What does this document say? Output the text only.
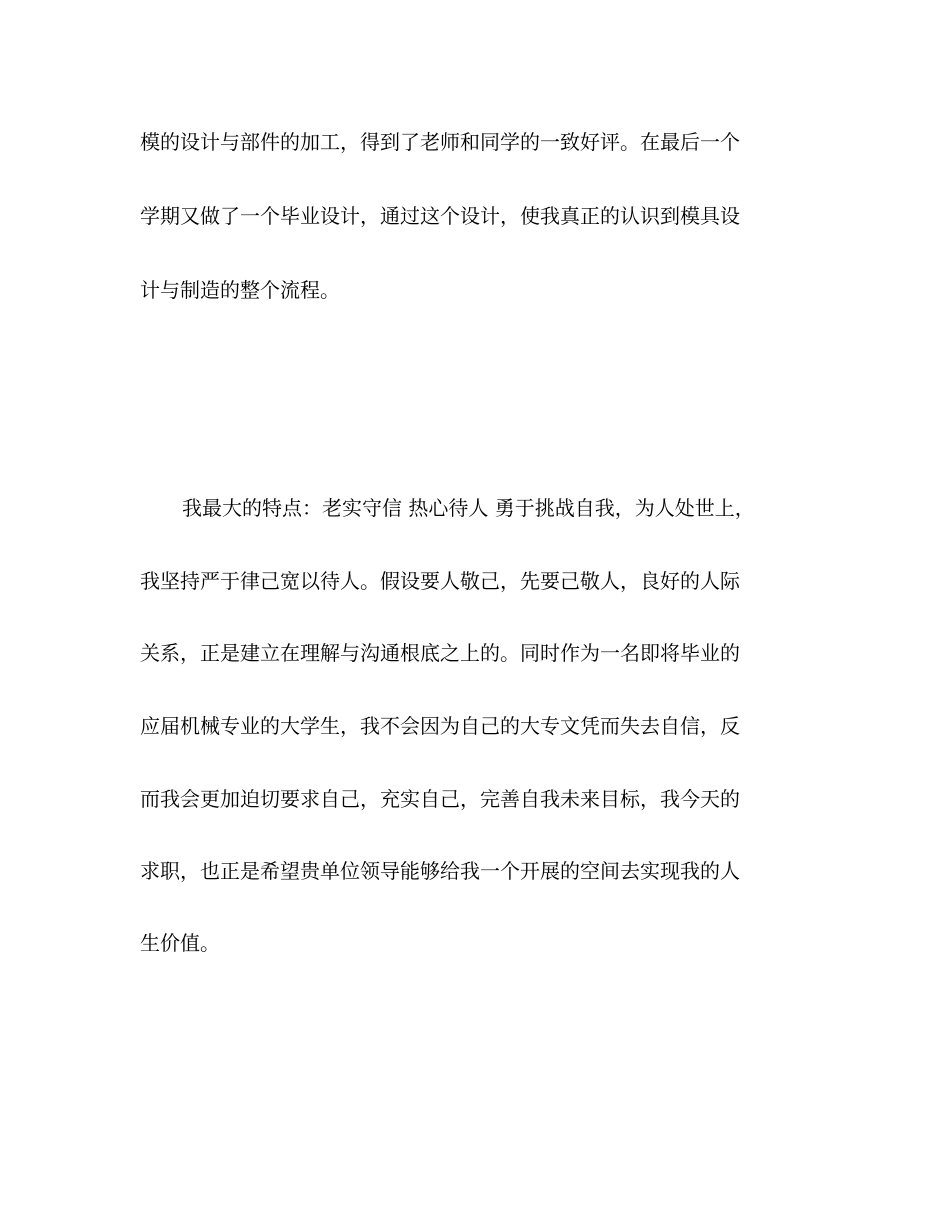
模的设计与部件的加工，得到了老师和同学的一致好评。在最后一个

学期又做了一个毕业设计，通过这个设计，使我真正的认识到模具设

计与制造的整个流程。

我最大的特点：老实守信 热心待人 勇于挑战自我，为人处世上，

我坚持严于律己宽以待人。假设要人敬己，先要己敬人，良好的人际

关系，正是建立在理解与沟通根底之上的。同时作为一名即将毕业的

应届机械专业的大学生，我不会因为自己的大专文凭而失去自信，反

而我会更加迫切要求自己，充实自己，完善自我未来目标，我今天的

求职，也正是希望贵单位领导能够给我一个开展的空间去实现我的人

生价值。
